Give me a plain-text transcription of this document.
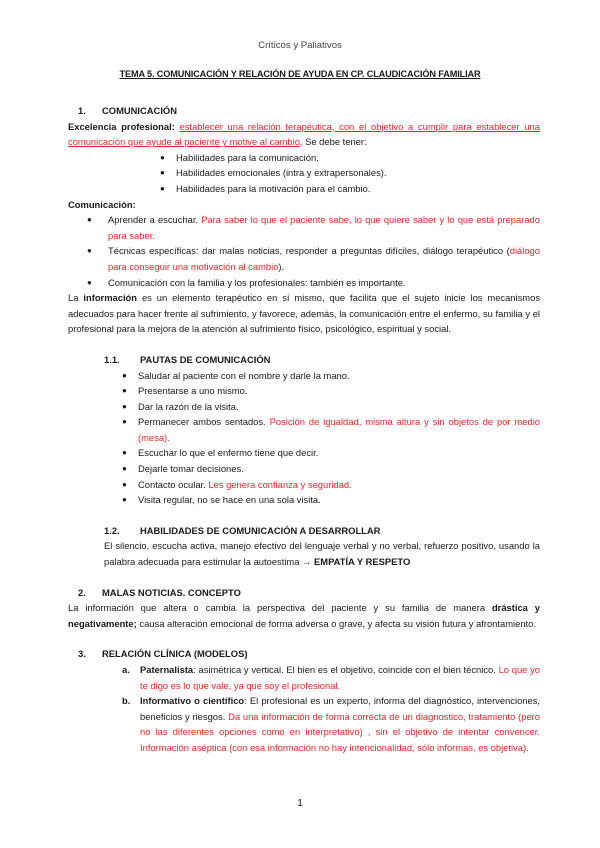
Críticos y Paliativos
TEMA 5. COMUNICACIÓN Y RELACIÓN DE AYUDA EN CP. CLAUDICACIÓN FAMILIAR
1.	COMUNICACIÓN

Excelencia profesional: establecer una relación terapéutica, con el objetivo a cumplir para establecer una comunicación que ayude al paciente y motive al cambio. Se debe tener:

● Habilidades para la comunicación.
● Habilidades emocionales (intra y extrapersonales).
● Habilidades para la motivación para el cambio.

Comunicación:

● Aprender a escuchar. Para saber lo que el paciente sabe, lo que quiere saber y lo que está preparado para saber.
● Técnicas específicas: dar malas noticias, responder a preguntas difíciles, diálogo terapéutico (diálogo para conseguir una motivación al cambio).
● Comunicación con la familia y los profesionales: también es importante.

La información es un elemento terapéutico en sí mismo, que facilita que el sujeto inicie los mecanismos adecuados para hacer frente al sufrimiento, y favorece, además, la comunicación entre el enfermo, su familia y el profesional para la mejora de la atención al sufrimiento físico, psicológico, espiritual y social.

1.1.	PAUTAS DE COMUNICACIÓN
● Saludar al paciente con el nombre y darle la mano.
● Presentarse a uno mismo.
● Dar la razón de la visita.
● Permanecer ambos sentados. Posición de igualdad, misma altura y sin objetos de por medio (mesa).
● Escuchar lo que el enfermo tiene que decir.
● Dejarle tomar decisiones.
● Contacto ocular. Les genera confianza y seguridad.
● Visita regular, no se hace en una sola visita.
1.2.	HABILIDADES DE COMUNICACIÓN A DESARROLLAR

El silencio, escucha activa, manejo efectivo del lenguaje verbal y no verbal, refuerzo positivo, usando la palabra adecuada para estimular la autoestima → EMPATÍA Y RESPETO

2.	MALAS NOTICIAS. CONCEPTO

La información que altera o cambia la perspectiva del paciente y su familia de manera drástica y negativamente; causa alteración emocional de forma adversa o grave, y afecta su visión futura y afrontamiento.

3.	RELACIÓN CLÍNICA (MODELOS)
a.	Paternalista: asimétrica y vertical. El bien es el objetivo, coincide con el bien técnico. Lo que yo te digo es lo que vale, ya que soy el profesional.
b.	Informativo o científico: El profesional es un experto, informa del diagnóstico, intervenciones, beneficios y riesgos. Da una información de forma correcta de un diagnostico, tratamiento (pero no las diferentes opciones como en interpretativo) , sin el objetivo de intentar convencer. Información aséptica (con esa información no hay intencionalidad, sólo informas, es objetiva).
1
